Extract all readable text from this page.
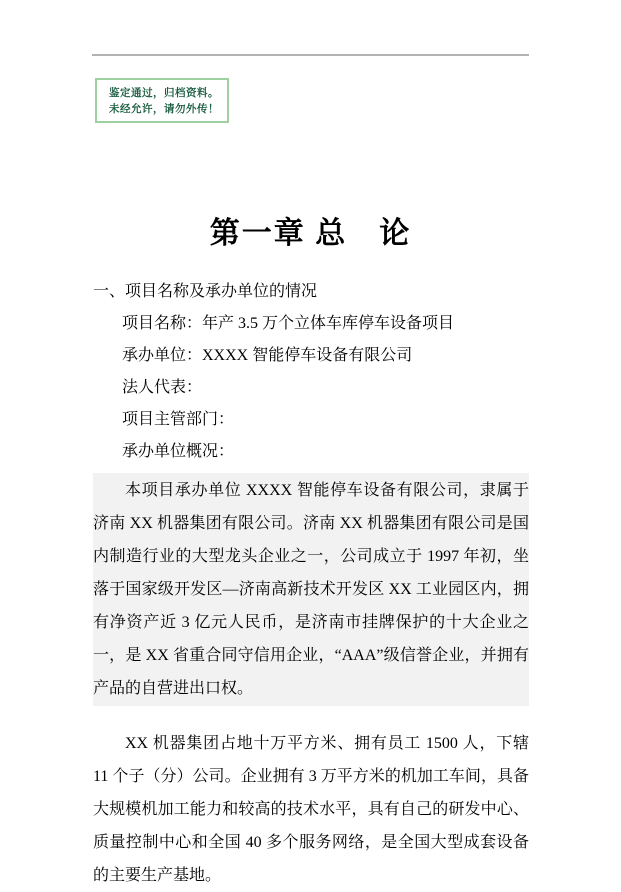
鉴定通过，归档资料。
未经允许，请勿外传！
第一章 总　论
一、项目名称及承办单位的情况
项目名称：年产 3.5 万个立体车库停车设备项目
承办单位：XXXX 智能停车设备有限公司
法人代表：
项目主管部门：
承办单位概况：

本项目承办单位 XXXX 智能停车设备有限公司，隶属于济南 XX 机器集团有限公司。济南 XX 机器集团有限公司是国内制造行业的大型龙头企业之一，公司成立于 1997 年初，坐落于国家级开发区—济南高新技术开发区 XX 工业园区内，拥有净资产近 3 亿元人民币，是济南市挂牌保护的十大企业之一，是 XX 省重合同守信用企业，“AAA”级信誉企业，并拥有产品的自营进出口权。

XX 机器集团占地十万平方米、拥有员工 1500 人，下辖 11 个子（分）公司。企业拥有 3 万平方米的机加工车间，具备大规模机加工能力和较高的技术水平，具有自己的研发中心、质量控制中心和全国 40 多个服务网络，是全国大型成套设备的主要生产基地。
